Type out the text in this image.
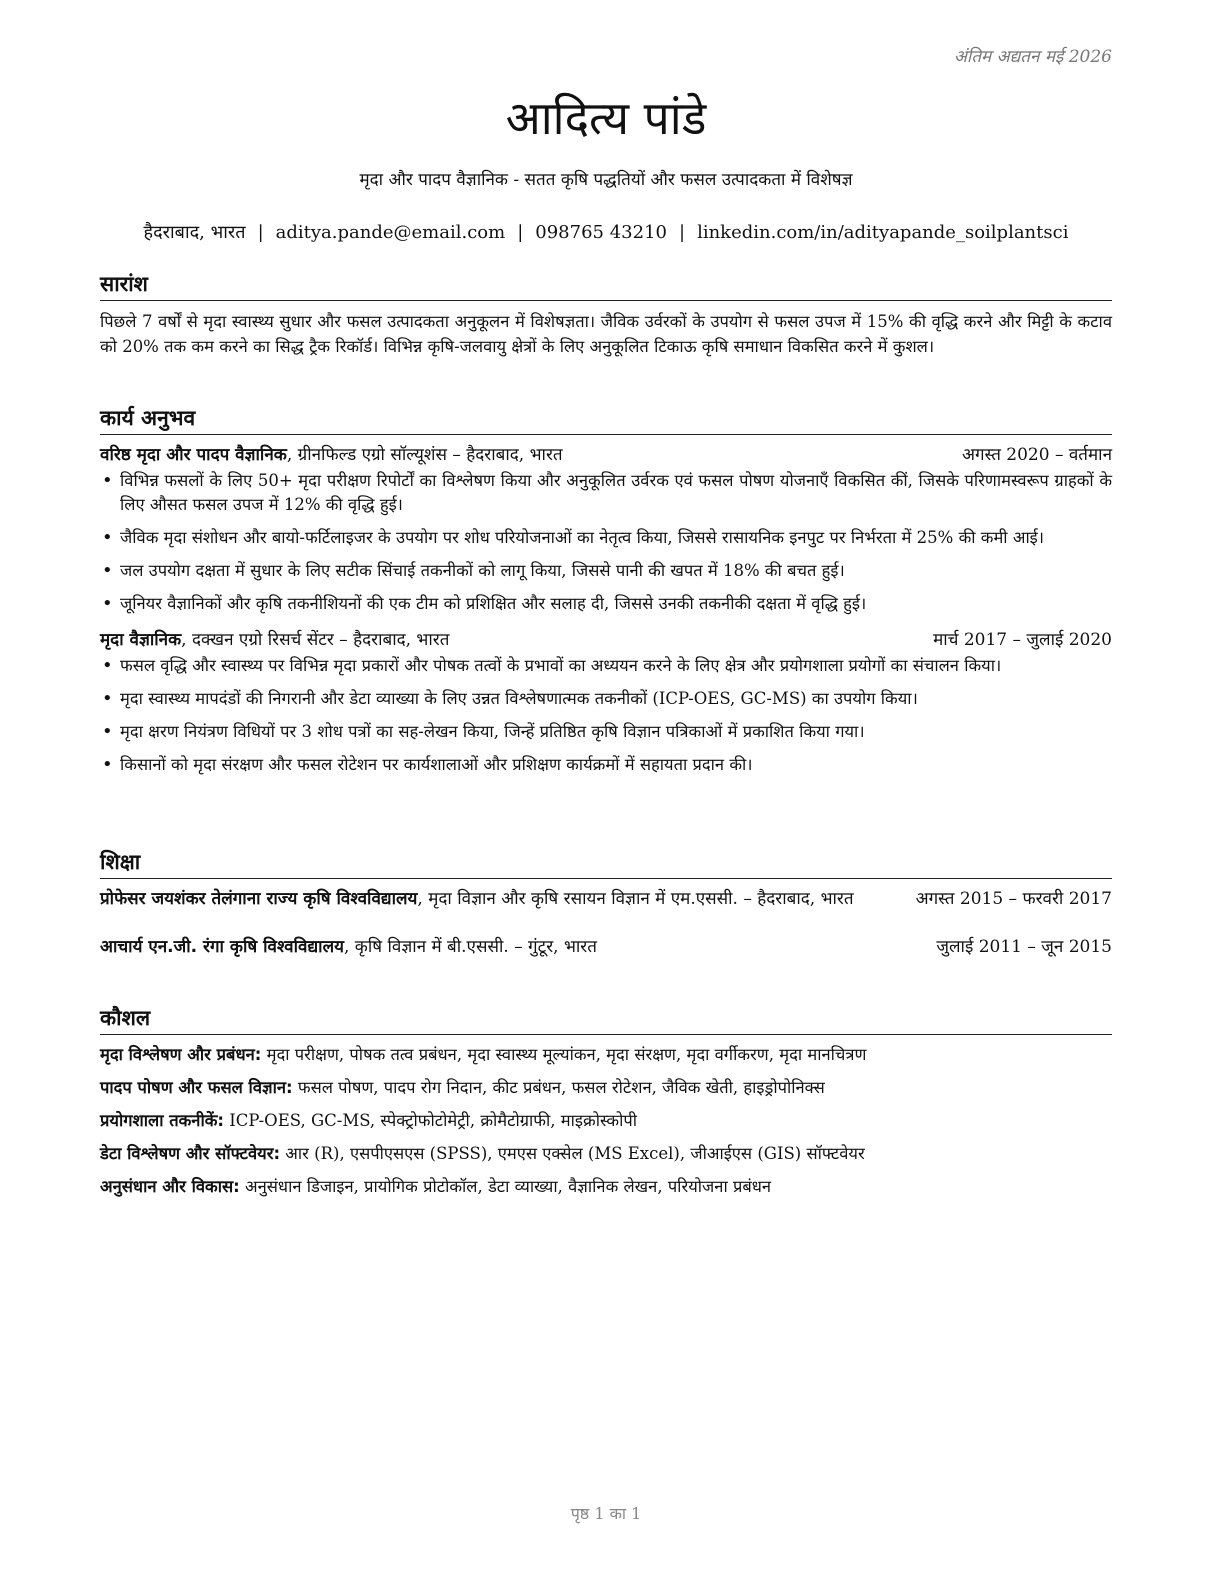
अंतिम अद्यतन मई 2026
आदित्य पांडे
मृदा और पादप वैज्ञानिक - सतत कृषि पद्धतियों और फसल उत्पादकता में विशेषज्ञ
हैदराबाद, भारत | aditya.pande@email.com | 098765 43210 | linkedin.com/in/adityapande_soilplantsci
सारांश

पिछले 7 वर्षों से मृदा स्वास्थ्य सुधार और फसल उत्पादकता अनुकूलन में विशेषज्ञता। जैविक उर्वरकों के उपयोग से फसल उपज में 15% की वृद्धि करने और मिट्टी के कटाव को 20% तक कम करने का सिद्ध ट्रैक रिकॉर्ड। विभिन्न कृषि-जलवायु क्षेत्रों के लिए अनुकूलित टिकाऊ कृषि समाधान विकसित करने में कुशल।

कार्य अनुभव
वरिष्ठ मृदा और पादप वैज्ञानिक, ग्रीनफिल्ड एग्रो सॉल्यूशंस – हैदराबाद, भारत	अगस्त 2020 – वर्तमान
• विभिन्न फसलों के लिए 50+ मृदा परीक्षण रिपोर्टों का विश्लेषण किया और अनुकूलित उर्वरक एवं फसल पोषण योजनाएँ विकसित कीं, जिसके परिणामस्वरूप ग्राहकों के लिए औसत फसल उपज में 12% की वृद्धि हुई।
• जैविक मृदा संशोधन और बायो-फर्टिलाइजर के उपयोग पर शोध परियोजनाओं का नेतृत्व किया, जिससे रासायनिक इनपुट पर निर्भरता में 25% की कमी आई।
• जल उपयोग दक्षता में सुधार के लिए सटीक सिंचाई तकनीकों को लागू किया, जिससे पानी की खपत में 18% की बचत हुई।
• जूनियर वैज्ञानिकों और कृषि तकनीशियनों की एक टीम को प्रशिक्षित और सलाह दी, जिससे उनकी तकनीकी दक्षता में वृद्धि हुई।
मृदा वैज्ञानिक, दक्खन एग्रो रिसर्च सेंटर – हैदराबाद, भारत	मार्च 2017 – जुलाई 2020
• फसल वृद्धि और स्वास्थ्य पर विभिन्न मृदा प्रकारों और पोषक तत्वों के प्रभावों का अध्ययन करने के लिए क्षेत्र और प्रयोगशाला प्रयोगों का संचालन किया।
• मृदा स्वास्थ्य मापदंडों की निगरानी और डेटा व्याख्या के लिए उन्नत विश्लेषणात्मक तकनीकों (ICP-OES, GC-MS) का उपयोग किया।
• मृदा क्षरण नियंत्रण विधियों पर 3 शोध पत्रों का सह-लेखन किया, जिन्हें प्रतिष्ठित कृषि विज्ञान पत्रिकाओं में प्रकाशित किया गया।
• किसानों को मृदा संरक्षण और फसल रोटेशन पर कार्यशालाओं और प्रशिक्षण कार्यक्रमों में सहायता प्रदान की।
शिक्षा
प्रोफेसर जयशंकर तेलंगाना राज्य कृषि विश्वविद्यालय, मृदा विज्ञान और कृषि रसायन विज्ञान में एम.एससी. – हैदराबाद, भारत	अगस्त 2015 – फरवरी 2017
आचार्य एन.जी. रंगा कृषि विश्वविद्यालय, कृषि विज्ञान में बी.एससी. – गुंटूर, भारत	जुलाई 2011 – जून 2015
कौशल
मृदा विश्लेषण और प्रबंधन: मृदा परीक्षण, पोषक तत्व प्रबंधन, मृदा स्वास्थ्य मूल्यांकन, मृदा संरक्षण, मृदा वर्गीकरण, मृदा मानचित्रण
पादप पोषण और फसल विज्ञान: फसल पोषण, पादप रोग निदान, कीट प्रबंधन, फसल रोटेशन, जैविक खेती, हाइड्रोपोनिक्स
प्रयोगशाला तकनीकें: ICP-OES, GC-MS, स्पेक्ट्रोफोटोमेट्री, क्रोमैटोग्राफी, माइक्रोस्कोपी
डेटा विश्लेषण और सॉफ्टवेयर: आर (R), एसपीएसएस (SPSS), एमएस एक्सेल (MS Excel), जीआईएस (GIS) सॉफ्टवेयर
अनुसंधान और विकास: अनुसंधान डिजाइन, प्रायोगिक प्रोटोकॉल, डेटा व्याख्या, वैज्ञानिक लेखन, परियोजना प्रबंधन
पृष्ठ 1 का 1
